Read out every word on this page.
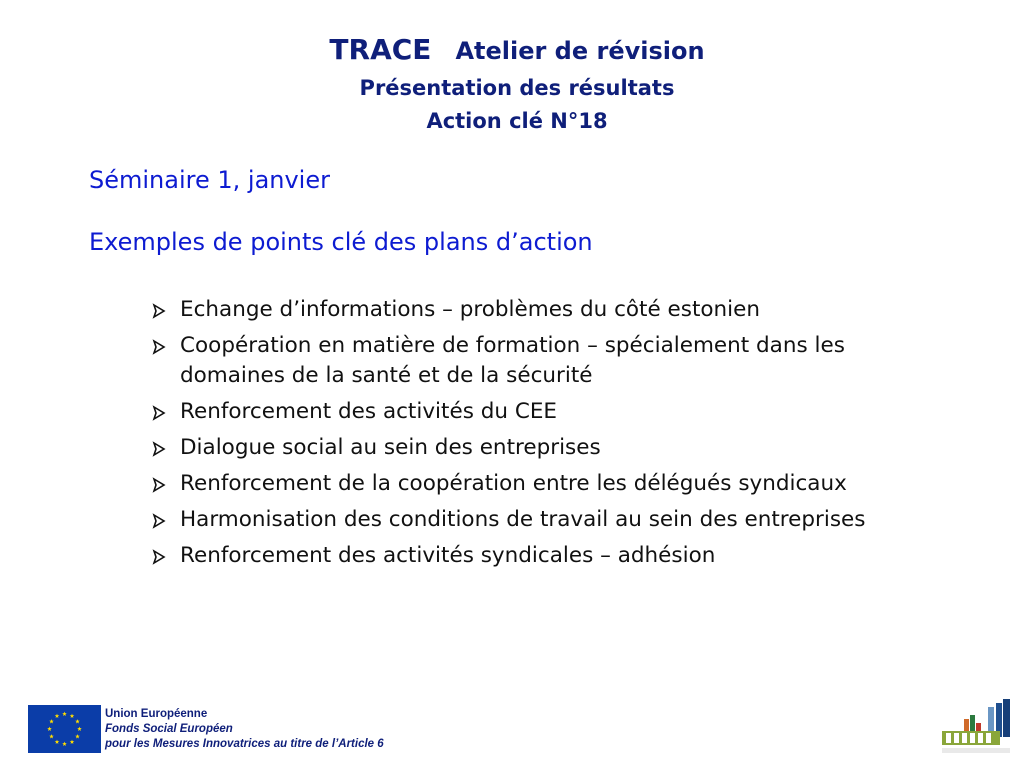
TRACE Atelier de révision
Présentation des résultats
Action clé N°18
Séminaire 1, janvier
Exemples de points clé des plans d’action
Echange d’informations – problèmes du côté estonien
Coopération en matière de formation – spécialement dans les domaines de la santé et de la sécurité
Renforcement des activités du CEE
Dialogue social au sein des entreprises
Renforcement de la coopération entre les délégués syndicaux
Harmonisation des conditions de travail au sein des entreprises
Renforcement des activités syndicales – adhésion
Union Européenne
Fonds Social Européen
pour les Mesures Innovatrices au titre de l’Article 6
